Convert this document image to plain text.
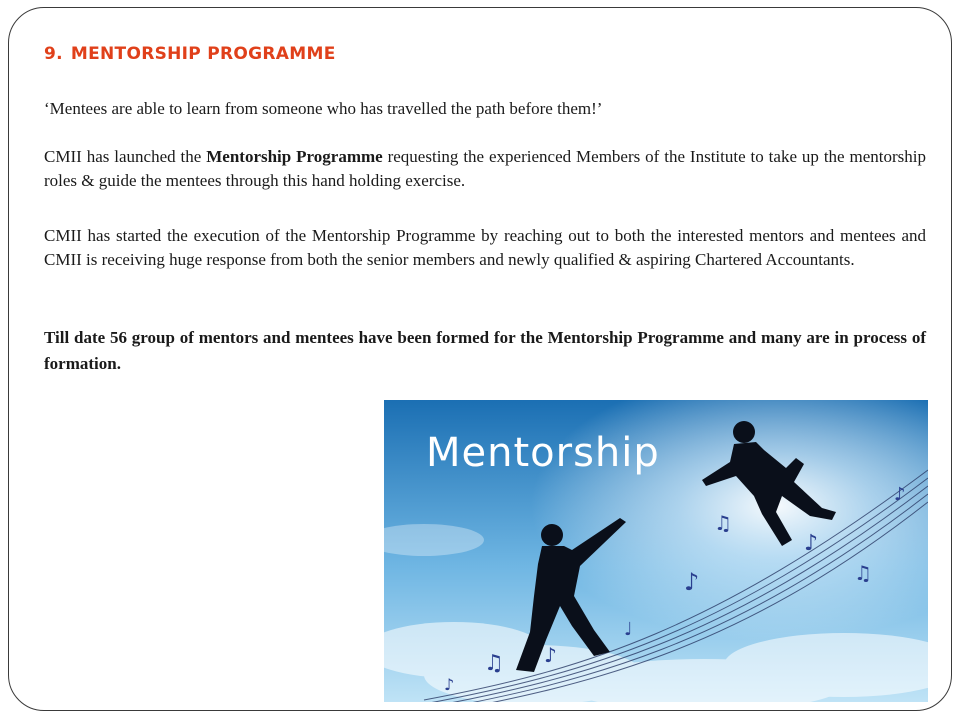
9. MENTORSHIP PROGRAMME
‘Mentees are able to learn from someone who has travelled the path before them!’
CMII has launched the Mentorship Programme requesting the experienced Members of the Institute to take up the mentorship roles & guide the mentees through this hand holding exercise.
CMII has started the execution of the Mentorship Programme by reaching out to both the interested mentors and mentees and CMII is receiving huge response from both the senior members and newly qualified & aspiring Chartered Accountants.
Till date 56 group of mentors and mentees have been formed for the Mentorship Programme and many are in process of formation.
Mentorship
♫ ♪
♪
♫
♪
♫
♪
♩
♪
